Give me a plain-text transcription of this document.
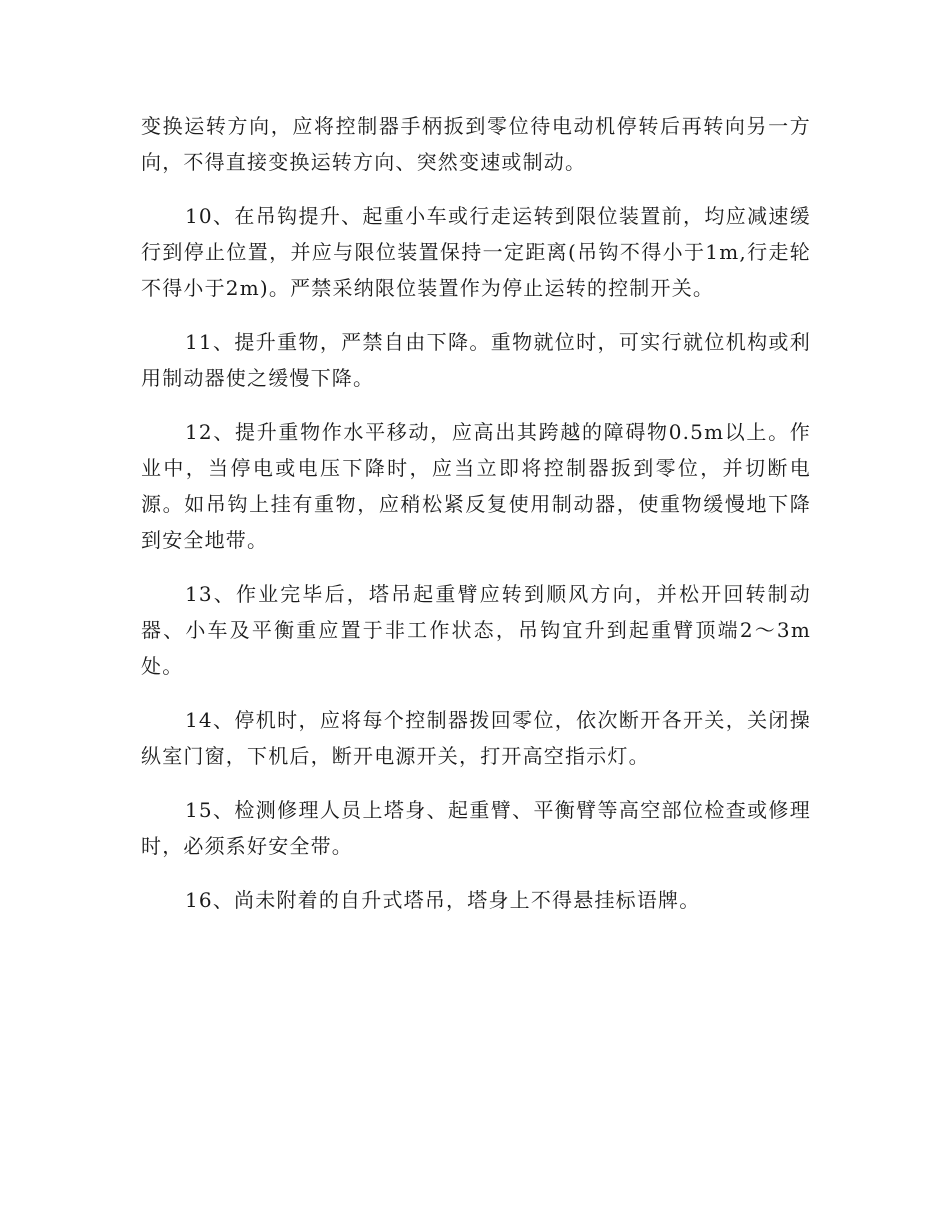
变换运转方向，应将控制器手柄扳到零位待电动机停转后再转向另一方向，不得直接变换运转方向、突然变速或制动。

10、在吊钩提升、起重小车或行走运转到限位装置前，均应减速缓行到停止位置，并应与限位装置保持一定距离(吊钩不得小于1m,行走轮不得小于2m)。严禁采纳限位装置作为停止运转的控制开关。

11、提升重物，严禁自由下降。重物就位时，可实行就位机构或利用制动器使之缓慢下降。

12、提升重物作水平移动，应高出其跨越的障碍物0.5m以上。作业中，当停电或电压下降时，应当立即将控制器扳到零位，并切断电源。如吊钩上挂有重物，应稍松紧反复使用制动器，使重物缓慢地下降到安全地带。

13、作业完毕后，塔吊起重臂应转到顺风方向，并松开回转制动器、小车及平衡重应置于非工作状态，吊钩宜升到起重臂顶端2～3m处。

14、停机时，应将每个控制器拨回零位，依次断开各开关，关闭操纵室门窗，下机后，断开电源开关，打开高空指示灯。

15、检测修理人员上塔身、起重臂、平衡臂等高空部位检查或修理时，必须系好安全带。

16、尚未附着的自升式塔吊，塔身上不得悬挂标语牌。
